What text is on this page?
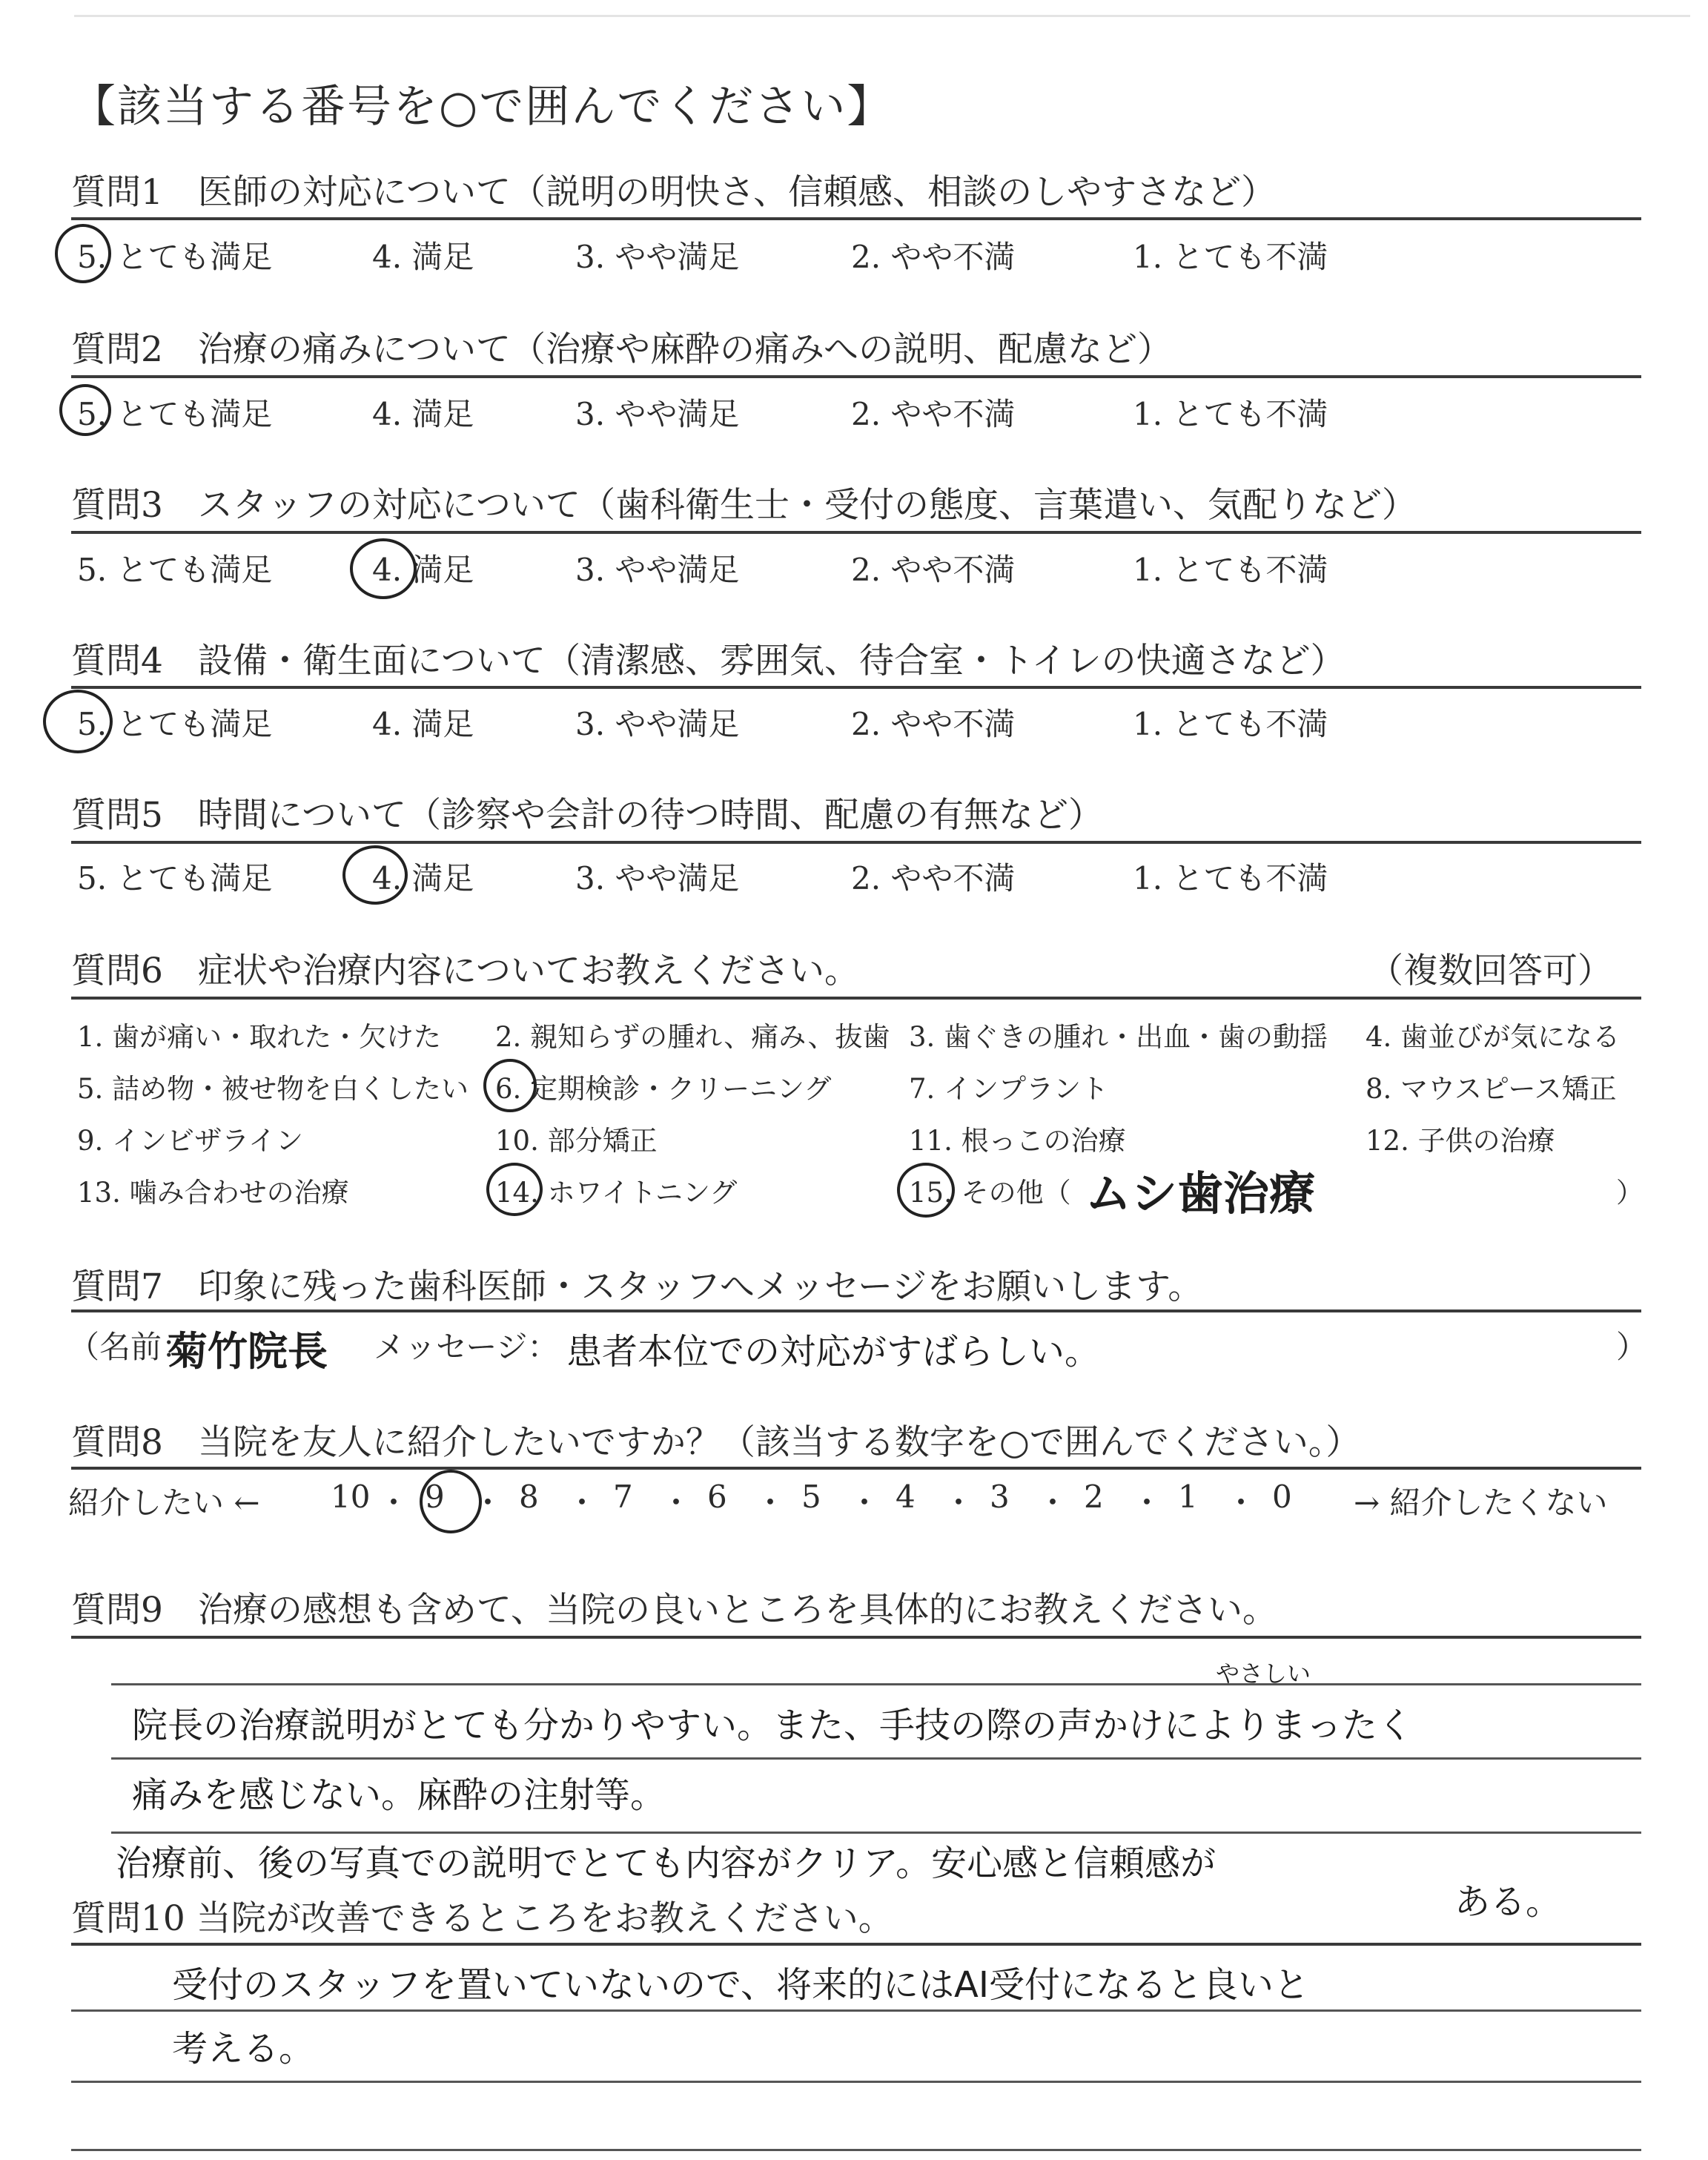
【該当する番号を○で囲んでください】
質問1　医師の対応について（説明の明快さ、信頼感、相談のしやすさなど）
5. とても満足	4. 満足	3. やや満足	2. やや不満	1. とても不満
質問2　治療の痛みについて（治療や麻酔の痛みへの説明、配慮など）
5. とても満足	4. 満足	3. やや満足	2. やや不満	1. とても不満
質問3　スタッフの対応について（歯科衛生士・受付の態度、言葉遣い、気配りなど）
5. とても満足	4. 満足	3. やや満足	2. やや不満	1. とても不満
質問4　設備・衛生面について（清潔感、雰囲気、待合室・トイレの快適さなど）
5. とても満足	4. 満足	3. やや満足	2. やや不満	1. とても不満
質問5　時間について（診察や会計の待つ時間、配慮の有無など）
5. とても満足	4. 満足	3. やや満足	2. やや不満	1. とても不満
質問6　症状や治療内容についてお教えください。	（複数回答可）
1. 歯が痛い・取れた・欠けた 2. 親知らずの腫れ、痛み、抜歯 3. 歯ぐきの腫れ・出血・歯の動揺 4. 歯並びが気になる
5. 詰め物・被せ物を白くしたい 6. 定期検診・クリーニング	7. インプラント	8. マウスピース矯正
9. インビザライン	10. 部分矯正	11. 根っこの治療	12. 子供の治療
13. 噛み合わせの治療	14. ホワイトニング	15. その他（	）
ムシ歯治療
質問7　印象に残った歯科医師・スタッフへメッセージをお願いします。
（名前：
菊竹院長 メッセージ： 患者本位での対応がすばらしい。	）
質問8　当院を友人に紹介したいですか？（該当する数字を○で囲んでください。）
紹介したい ← 10 ・ 9 ・ 8 ・ 7 ・ 6 ・ 5 ・ 4 ・ 3 ・ 2 ・ 1 ・ 0 → 紹介したくない
質問9　治療の感想も含めて、当院の良いところを具体的にお教えください。
やさしい
院長の治療説明がとても分かりやすい。また、手技の際の声かけによりまったく
痛みを感じない。麻酔の注射等。
治療前、後の写真での説明でとても内容がクリア。安心感と信頼感が
ある。
質問10 当院が改善できるところをお教えください。
受付のスタッフを置いていないので、将来的にはAI受付になると良いと
考える。
